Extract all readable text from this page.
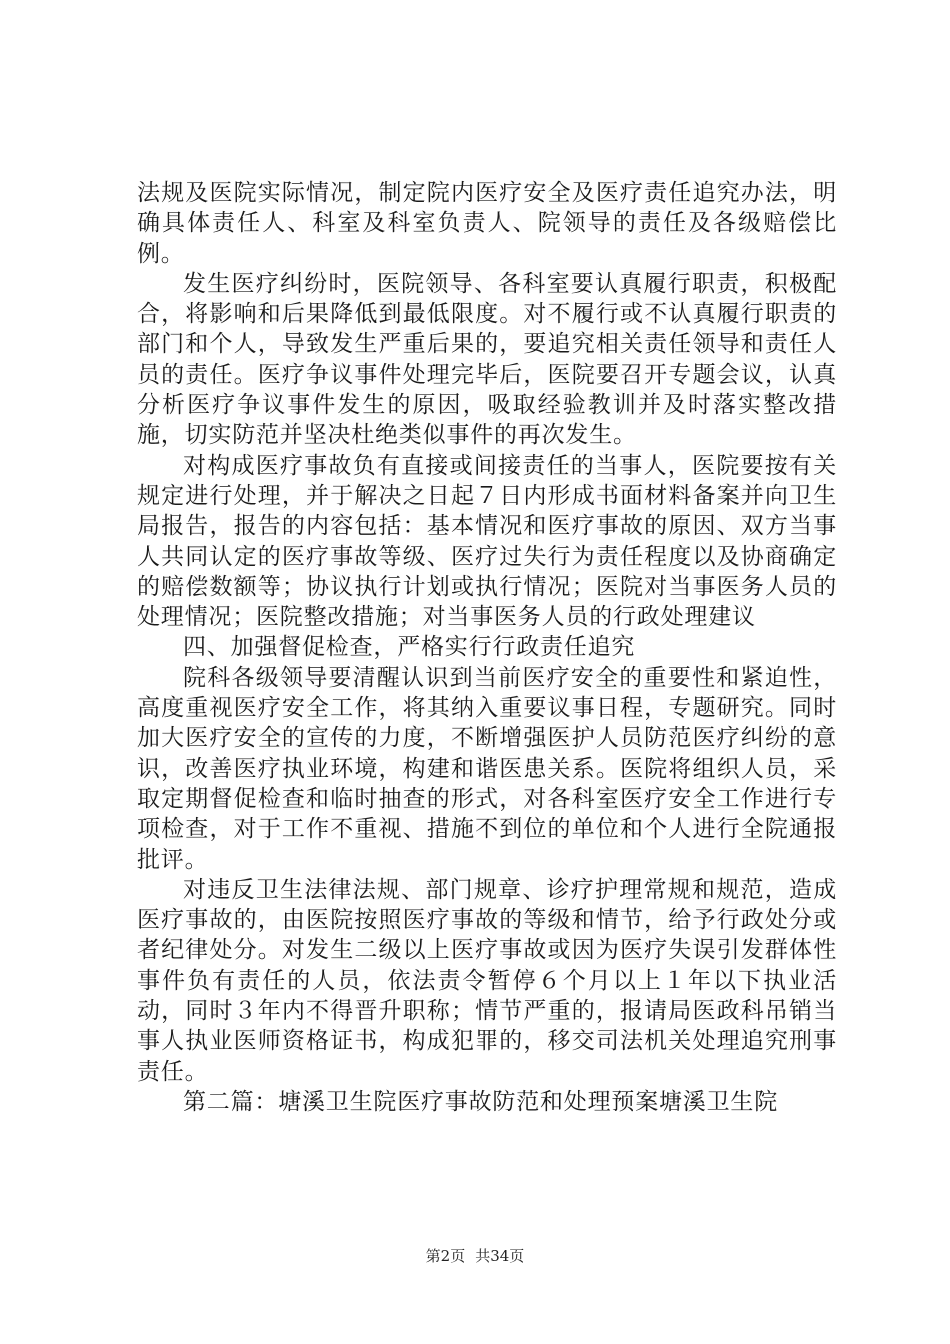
法规及医院实际情况，制定院内医疗安全及医疗责任追究办法，明确具体责任人、科室及科室负责人、院领导的责任及各级赔偿比例。

发生医疗纠纷时，医院领导、各科室要认真履行职责，积极配合，将影响和后果降低到最低限度。对不履行或不认真履行职责的部门和个人，导致发生严重后果的，要追究相关责任领导和责任人员的责任。医疗争议事件处理完毕后，医院要召开专题会议，认真分析医疗争议事件发生的原因，吸取经验教训并及时落实整改措施，切实防范并坚决杜绝类似事件的再次发生。

对构成医疗事故负有直接或间接责任的当事人，医院要按有关规定进行处理，并于解决之日起７日内形成书面材料备案并向卫生局报告，报告的内容包括：基本情况和医疗事故的原因、双方当事人共同认定的医疗事故等级、医疗过失行为责任程度以及协商确定的赔偿数额等；协议执行计划或执行情况；医院对当事医务人员的处理情况；医院整改措施；对当事医务人员的行政处理建议

四、加强督促检查，严格实行行政责任追究

院科各级领导要清醒认识到当前医疗安全的重要性和紧迫性，高度重视医疗安全工作，将其纳入重要议事日程，专题研究。同时加大医疗安全的宣传的力度，不断增强医护人员防范医疗纠纷的意识，改善医疗执业环境，构建和谐医患关系。医院将组织人员，采取定期督促检查和临时抽查的形式，对各科室医疗安全工作进行专项检查，对于工作不重视、措施不到位的单位和个人进行全院通报批评。

对违反卫生法律法规、部门规章、诊疗护理常规和规范，造成医疗事故的，由医院按照医疗事故的等级和情节，给予行政处分或者纪律处分。对发生二级以上医疗事故或因为医疗失误引发群体性事件负有责任的人员，依法责令暂停６个月以上１年以下执业活动，同时３年内不得晋升职称；情节严重的，报请局医政科吊销当事人执业医师资格证书，构成犯罪的，移交司法机关处理追究刑事责任。

第二篇：塘溪卫生院医疗事故防范和处理预案塘溪卫生院

第2页 共34页
